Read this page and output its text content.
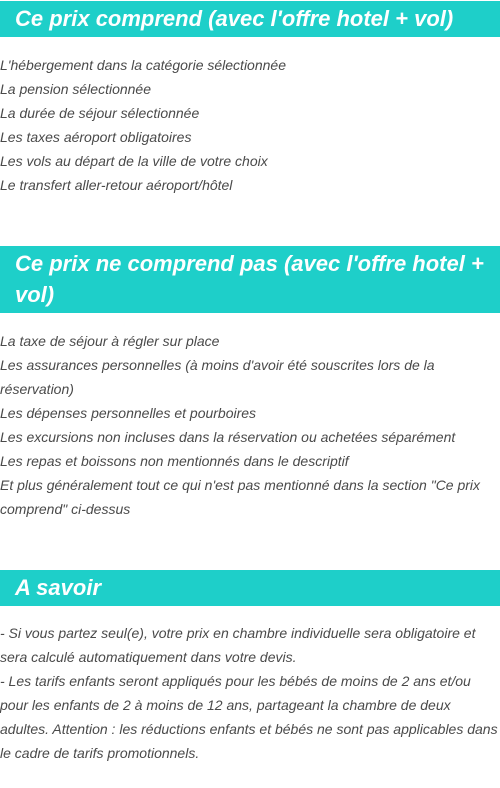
Ce prix comprend (avec l'offre hotel + vol)
L'hébergement dans la catégorie sélectionnée
La pension sélectionnée
La durée de séjour sélectionnée
Les taxes aéroport obligatoires
Les vols au départ de la ville de votre choix
Le transfert aller-retour aéroport/hôtel
Ce prix ne comprend pas (avec l'offre hotel + vol)
La taxe de séjour à régler sur place
Les assurances personnelles (à moins d'avoir été souscrites lors de la réservation)
Les dépenses personnelles et pourboires
Les excursions non incluses dans la réservation ou achetées séparément
Les repas et boissons non mentionnés dans le descriptif
Et plus généralement tout ce qui n'est pas mentionné dans la section "Ce prix comprend" ci-dessus
A savoir
- Si vous partez seul(e), votre prix en chambre individuelle sera obligatoire et sera calculé automatiquement dans votre devis.
- Les tarifs enfants seront appliqués pour les bébés de moins de 2 ans et/ou pour les enfants de 2 à moins de 12 ans, partageant la chambre de deux adultes. Attention : les réductions enfants et bébés ne sont pas applicables dans le cadre de tarifs promotionnels.
